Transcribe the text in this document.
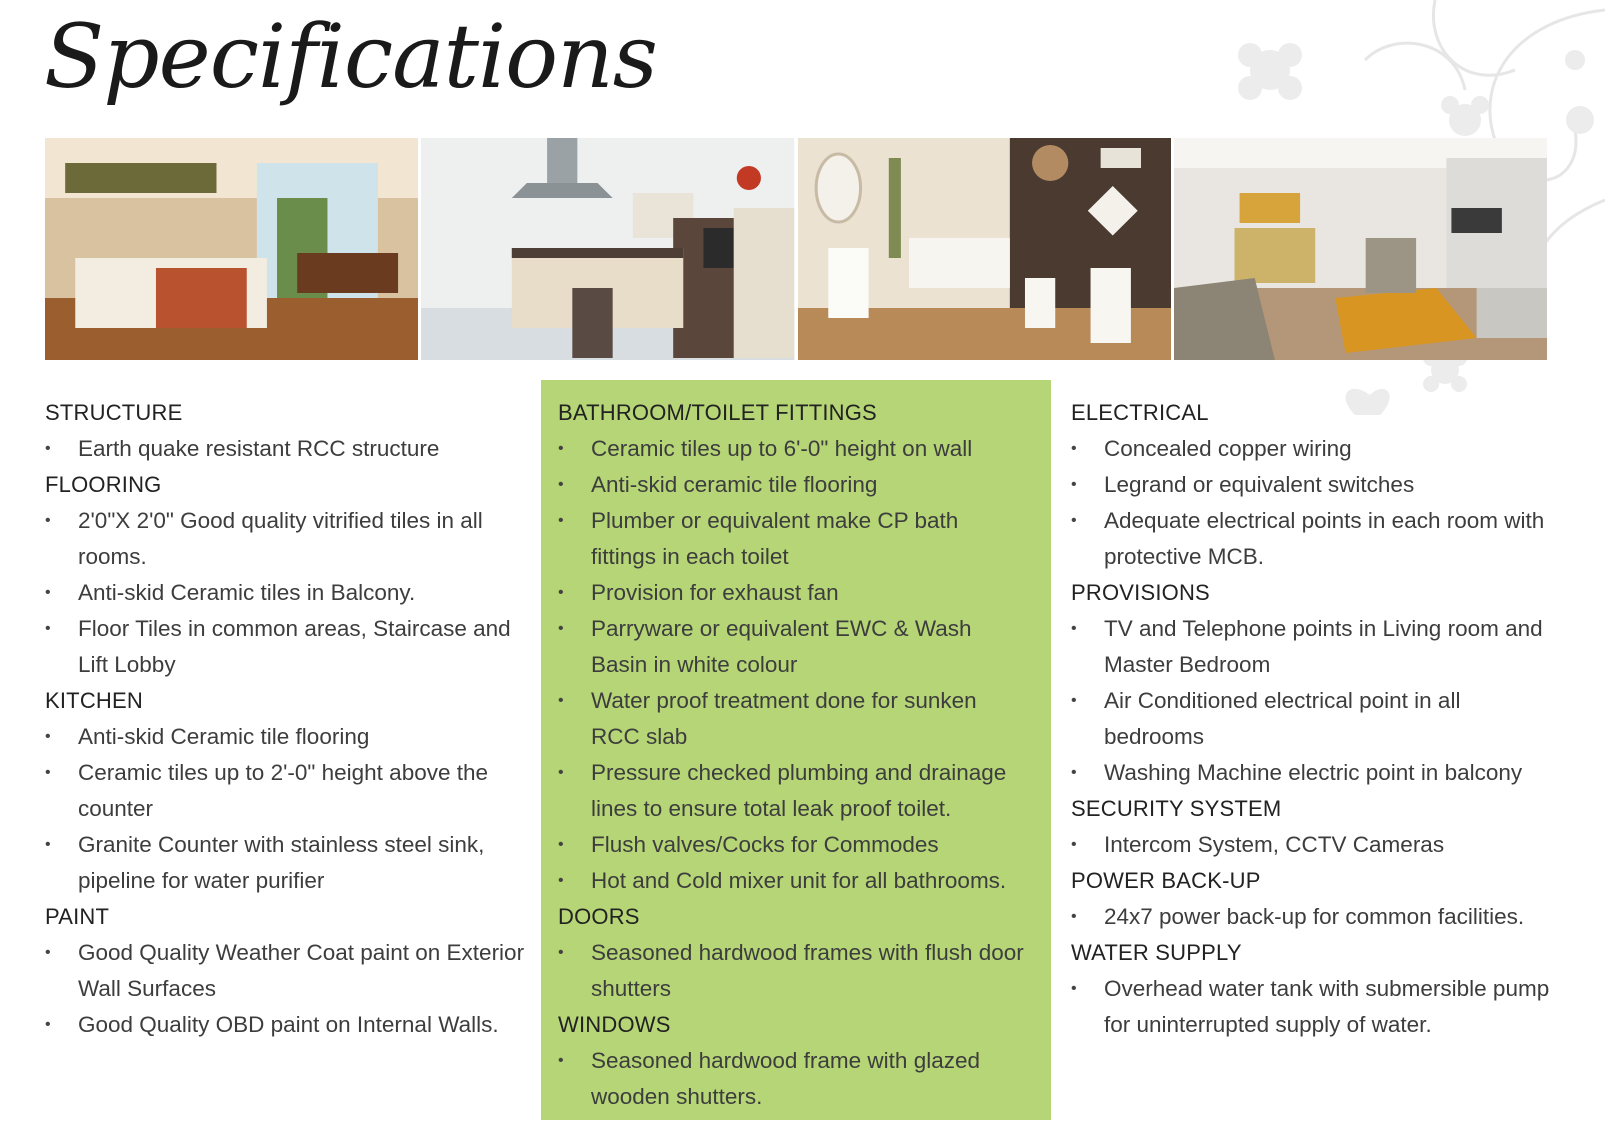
Specifications
STRUCTURE
• Earth quake resistant RCC structure
FLOORING
• 2'0"X 2'0" Good quality vitrified tiles in all rooms.
• Anti-skid Ceramic tiles in Balcony.
• Floor Tiles in common areas, Staircase and Lift Lobby
KITCHEN
• Anti-skid Ceramic tile flooring
• Ceramic tiles up to 2'-0" height above the counter
• Granite Counter with stainless steel sink, pipeline for water purifier
PAINT
• Good Quality Weather Coat paint on Exterior Wall Surfaces
• Good Quality OBD paint on Internal Walls.
BATHROOM/TOILET FITTINGS
• Ceramic tiles up to 6'-0" height on wall
• Anti-skid ceramic tile flooring
• Plumber or equivalent make CP bath fittings in each toilet
• Provision for exhaust fan
• Parryware or equivalent EWC & Wash Basin in white colour
• Water proof treatment done for sunken RCC slab
• Pressure checked plumbing and drainage lines to ensure total leak proof toilet.
• Flush valves/Cocks for Commodes
• Hot and Cold mixer unit for all bathrooms.
DOORS
• Seasoned hardwood frames with flush door shutters
WINDOWS
• Seasoned hardwood frame with glazed wooden shutters.
ELECTRICAL
• Concealed copper wiring
• Legrand or equivalent switches
• Adequate electrical points in each room with protective MCB.
PROVISIONS
• TV and Telephone points in Living room and Master Bedroom
• Air Conditioned electrical point in all bedrooms
• Washing Machine electric point in balcony
SECURITY SYSTEM
• Intercom System, CCTV Cameras
POWER BACK-UP
• 24x7 power back-up for common facilities.
WATER SUPPLY
• Overhead water tank with submersible pump for uninterrupted supply of water.
